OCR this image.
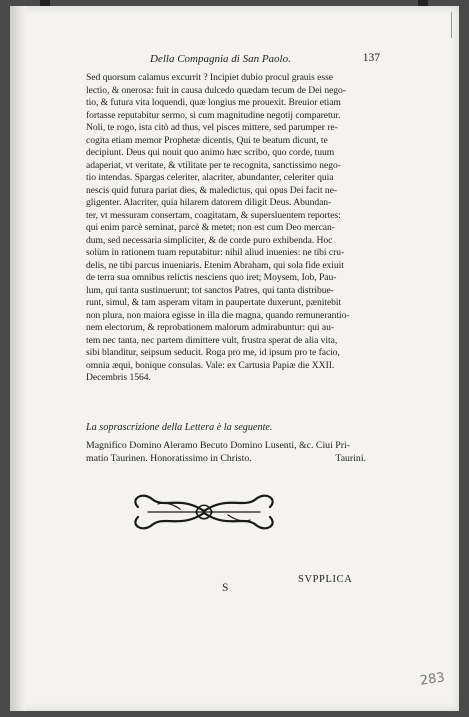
Della Compagnia di San Paolo.	137
Sed quorsum calamus excurrit ? Incipiet dubio procul grauis esse
lectio, & onerosa: fuit in causa dulcedo quædam tecum de Dei nego-
tio, & futura vita loquendi, quæ longius me prouexit. Breuior etiam
fortasse reputabitur sermo, si cum magnitudine negotij comparetur.
Noli, te rogo, ista citò ad thus, vel pisces mittere, sed parumper re-
cogita etiam memor Prophetæ dicentis, Qui te beatum dicunt, te
decipiunt. Deus qui nouit quo animo hæc scribo, quo corde, tuum
adaperiat, vt veritate, & vtilitate per te recognita, sanctissimo nego-
tio intendas. Spargas celeriter, alacriter, abundanter, celeriter quia
nescis quid futura pariat dies, & maledictus, qui opus Dei facit ne-
gligenter. Alacriter, quia hilarem datorem diligit Deus. Abundan-
ter, vt messuram consertam, coagitatam, & supersluentem reportes:
qui enim parcè seminat, parcè & metet; non est cum Deo mercan-
dum, sed necessaria simpliciter, & de corde puro exhibenda. Hoc
solùm in rationem tuam reputabitur: nihil aliud inuenies: ne tibi cru-
delis, ne tibi parcus inueniaris. Etenim Abraham, qui sola fide exiuit
de terra sua omnibus relictis nesciens quo iret; Moysem, Iob, Pau-
lum, qui tanta sustinuerunt; tot sanctos Patres, qui tanta distribue-
runt, simul, & tam asperam vitam in paupertate duxerunt, pænitebit
non plura, non maiora egisse in illa die magna, quando remunerantio-
nem electorum, & reprobationem malorum admirabuntur: qui au-
tem nec tanta, nec partem dimittere vult, frustra sperat de alia vita,
sibi blanditur, seipsum seducit. Roga pro me, id ipsum pro te facio,
omnia æqui, bonique consulas. Vale: ex Cartusia Papiæ die XXII.
Decembris 1564.
La soprascrizione della Lettera è la seguente.
Magnifico Domino Aleramo Becuto Domino Lusenti, &c. Ciui Pri-
matio Taurinen. Honoratissimo in Christo.	Taurini.
S
SVPPLICA
283
